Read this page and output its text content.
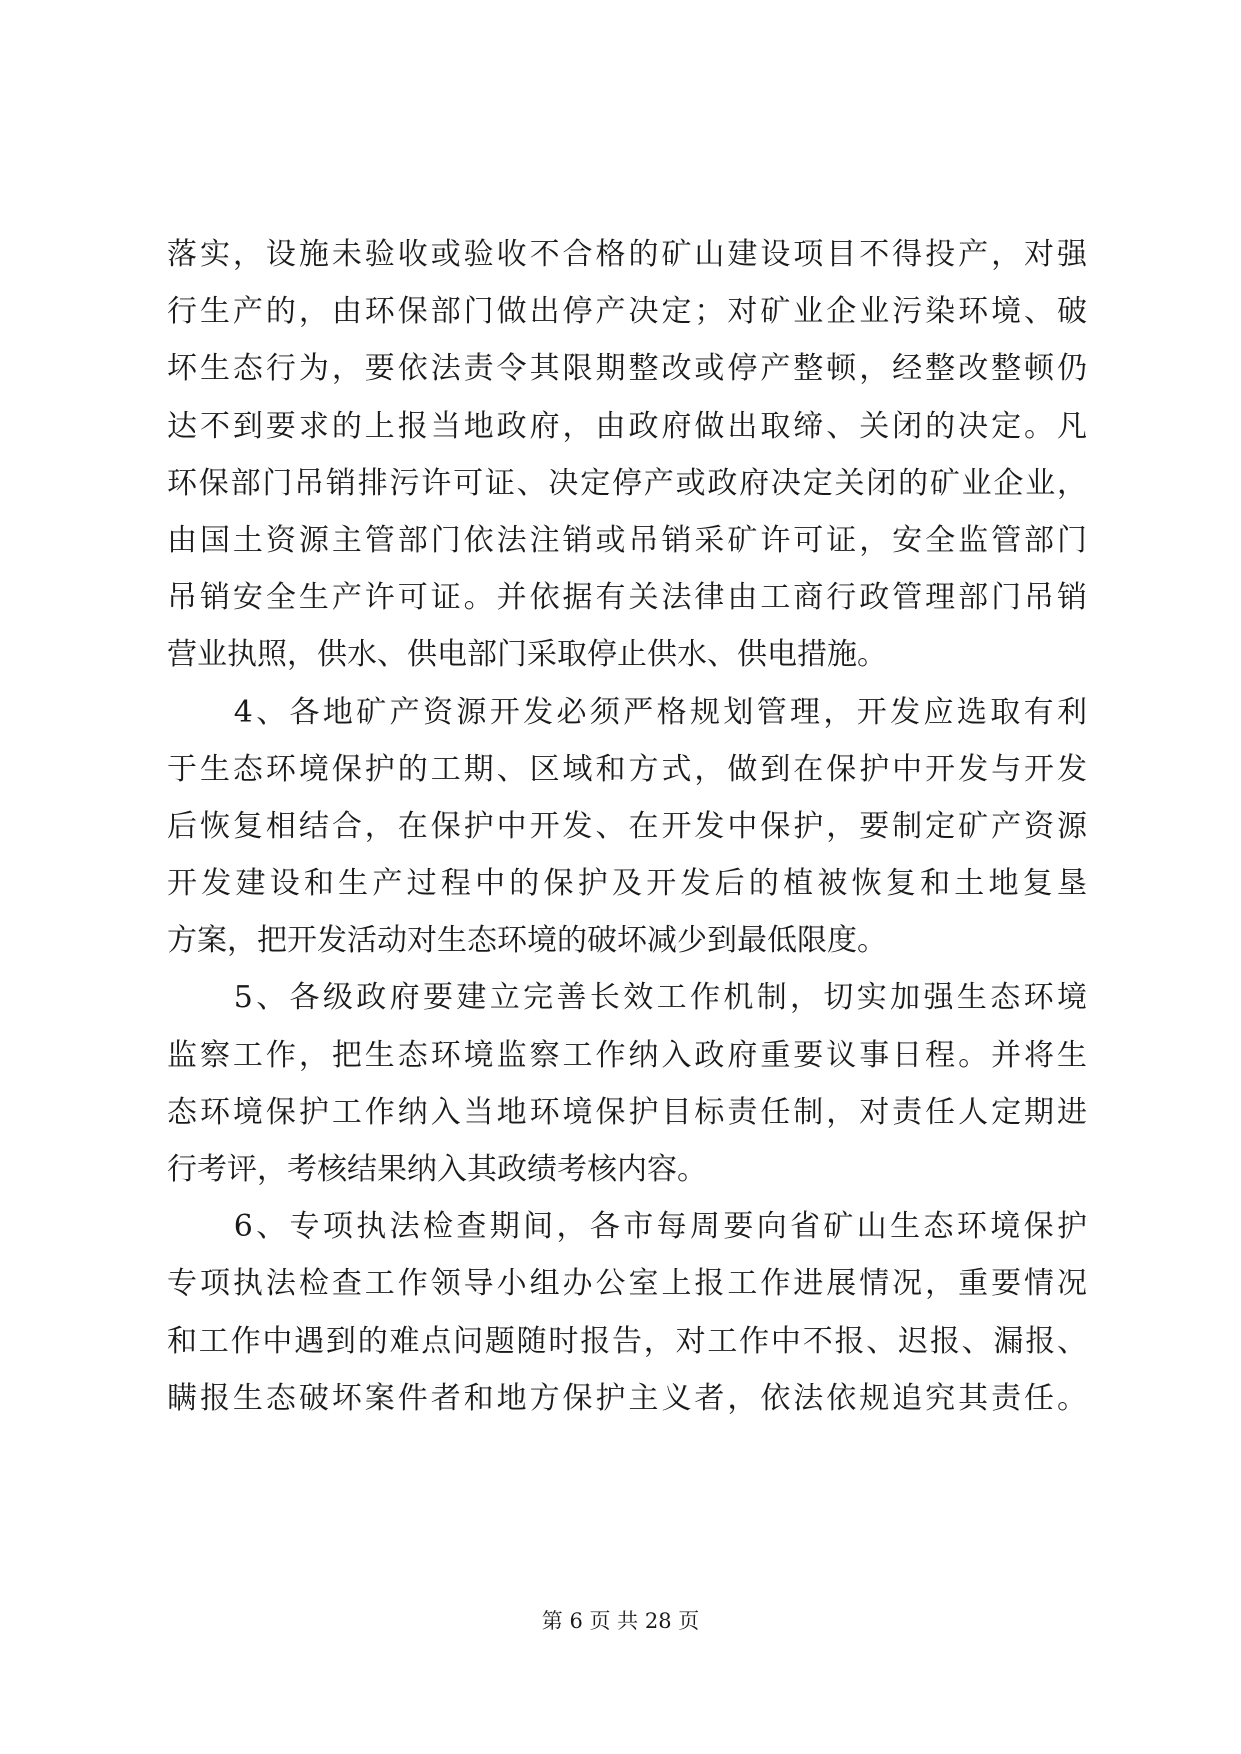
落实，设施未验收或验收不合格的矿山建设项目不得投产，对强
行生产的，由环保部门做出停产决定；对矿业企业污染环境、破
坏生态行为，要依法责令其限期整改或停产整顿，经整改整顿仍
达不到要求的上报当地政府，由政府做出取缔、关闭的决定。凡
环保部门吊销排污许可证、决定停产或政府决定关闭的矿业企业，
由国土资源主管部门依法注销或吊销采矿许可证，安全监管部门
吊销安全生产许可证。并依据有关法律由工商行政管理部门吊销
营业执照，供水、供电部门采取停止供水、供电措施。
　　4、各地矿产资源开发必须严格规划管理，开发应选取有利
于生态环境保护的工期、区域和方式，做到在保护中开发与开发
后恢复相结合，在保护中开发、在开发中保护，要制定矿产资源
开发建设和生产过程中的保护及开发后的植被恢复和土地复垦
方案，把开发活动对生态环境的破坏减少到最低限度。
　　5、各级政府要建立完善长效工作机制，切实加强生态环境
监察工作，把生态环境监察工作纳入政府重要议事日程。并将生
态环境保护工作纳入当地环境保护目标责任制，对责任人定期进
行考评，考核结果纳入其政绩考核内容。
　　6、专项执法检查期间，各市每周要向省矿山生态环境保护
专项执法检查工作领导小组办公室上报工作进展情况，重要情况
和工作中遇到的难点问题随时报告，对工作中不报、迟报、漏报、
瞒报生态破坏案件者和地方保护主义者，依法依规追究其责任。
第 6 页 共 28 页
